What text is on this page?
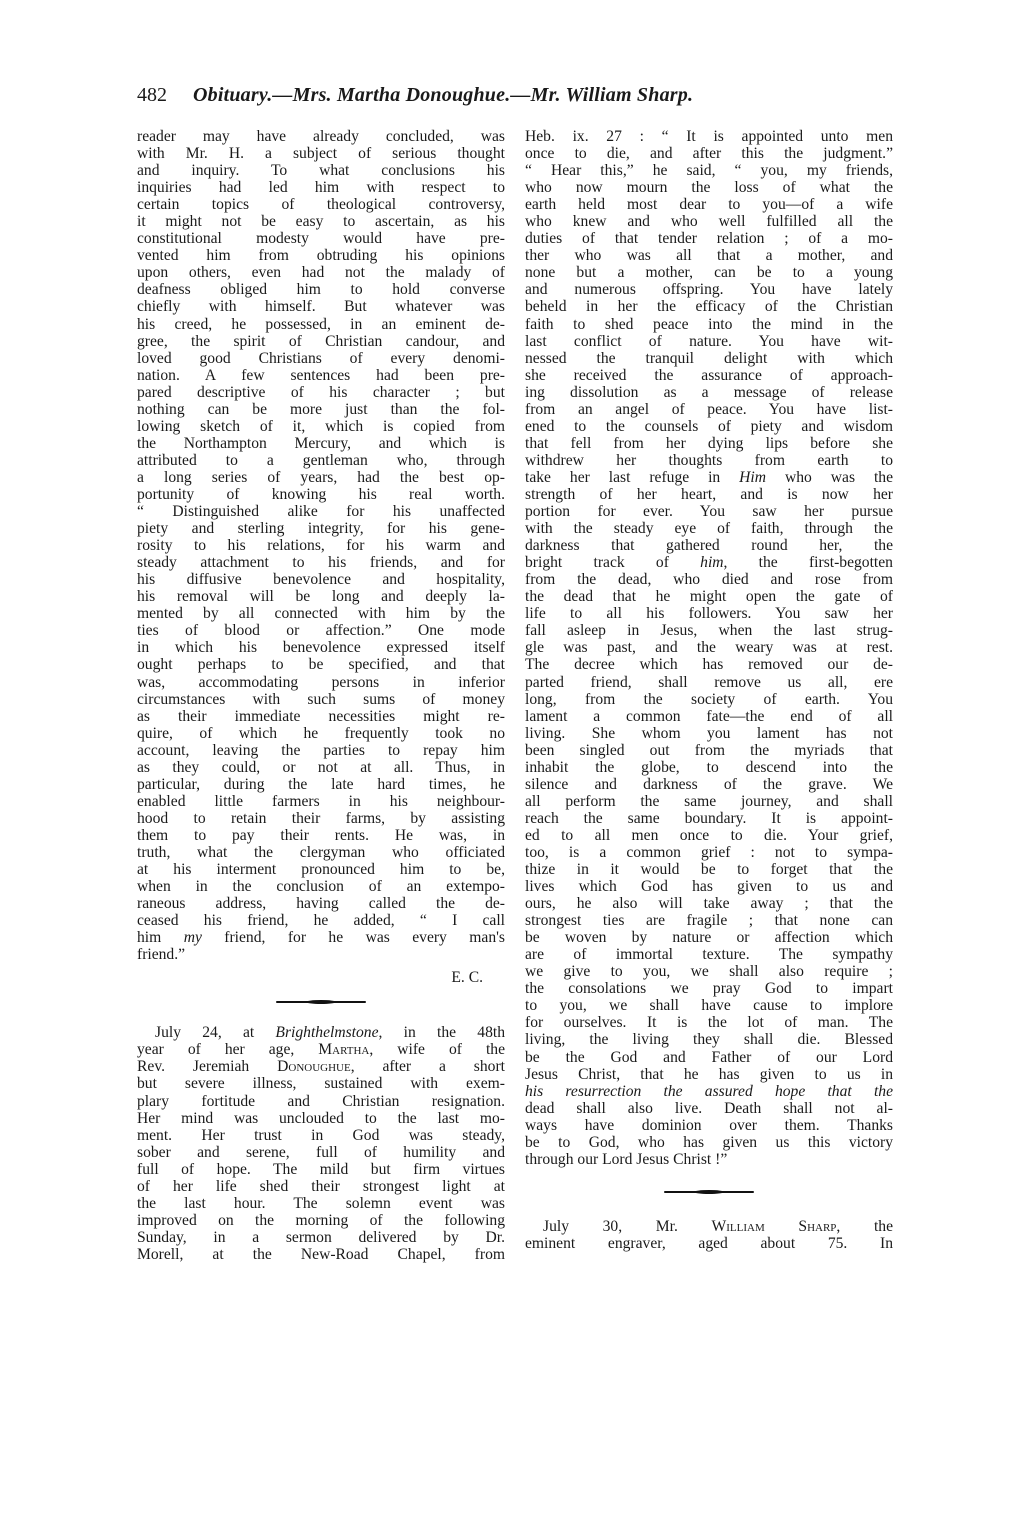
482 Obituary.—Mrs. Martha Donoughue.—Mr. William Sharp.
reader may have already concluded, was
with Mr. H. a subject of serious thought
and inquiry. To what conclusions his
inquiries had led him with respect to
certain topics of theological controversy,
it might not be easy to ascertain, as his
constitutional modesty would have pre-
vented him from obtruding his opinions
upon others, even had not the malady of
deafness obliged him to hold converse
chiefly with himself. But whatever was
his creed, he possessed, in an eminent de-
gree, the spirit of Christian candour, and
loved good Christians of every denomi-
nation. A few sentences had been pre-
pared descriptive of his character ; but
nothing can be more just than the fol-
lowing sketch of it, which is copied from
the Northampton Mercury, and which is
attributed to a gentleman who, through
a long series of years, had the best op-
portunity of knowing his real worth.
“ Distinguished alike for his unaffected
piety and sterling integrity, for his gene-
rosity to his relations, for his warm and
steady attachment to his friends, and for
his diffusive benevolence and hospitality,
his removal will be long and deeply la-
mented by all connected with him by the
ties of blood or affection.” One mode
in which his benevolence expressed itself
ought perhaps to be specified, and that
was, accommodating persons in inferior
circumstances with such sums of money
as their immediate necessities might re-
quire, of which he frequently took no
account, leaving the parties to repay him
as they could, or not at all. Thus, in
particular, during the late hard times, he
enabled little farmers in his neighbour-
hood to retain their farms, by assisting
them to pay their rents. He was, in
truth, what the clergyman who officiated
at his interment pronounced him to be,
when in the conclusion of an extempo-
raneous address, having called the de-
ceased his friend, he added, “ I call
him my friend, for he was every man's
friend.”
E. C.
July 24, at Brighthelmstone, in the 48th
year of her age, Martha, wife of the
Rev. Jeremiah Donoughue, after a short
but severe illness, sustained with exem-
plary fortitude and Christian resignation.
Her mind was unclouded to the last mo-
ment. Her trust in God was steady,
sober and serene, full of humility and
full of hope. The mild but firm virtues
of her life shed their strongest light at
the last hour. The solemn event was
improved on the morning of the following
Sunday, in a sermon delivered by Dr.
Morell, at the New-Road Chapel, from
Heb. ix. 27 : “ It is appointed unto men
once to die, and after this the judgment.”
“ Hear this,” he said, “ you, my friends,
who now mourn the loss of what the
earth held most dear to you—of a wife
who knew and who well fulfilled all the
duties of that tender relation ; of a mo-
ther who was all that a mother, and
none but a mother, can be to a young
and numerous offspring. You have lately
beheld in her the efficacy of the Christian
faith to shed peace into the mind in the
last conflict of nature. You have wit-
nessed the tranquil delight with which
she received the assurance of approach-
ing dissolution as a message of release
from an angel of peace. You have list-
ened to the counsels of piety and wisdom
that fell from her dying lips before she
withdrew her thoughts from earth to
take her last refuge in Him who was the
strength of her heart, and is now her
portion for ever. You saw her pursue
with the steady eye of faith, through the
darkness that gathered round her, the
bright track of him, the first-begotten
from the dead, who died and rose from
the dead that he might open the gate of
life to all his followers. You saw her
fall asleep in Jesus, when the last strug-
gle was past, and the weary was at rest.
The decree which has removed our de-
parted friend, shall remove us all, ere
long, from the society of earth. You
lament a common fate—the end of all
living. She whom you lament has not
been singled out from the myriads that
inhabit the globe, to descend into the
silence and darkness of the grave. We
all perform the same journey, and shall
reach the same boundary. It is appoint-
ed to all men once to die. Your grief,
too, is a common grief : not to sympa-
thize in it would be to forget that the
lives which God has given to us and
ours, he also will take away ; that the
strongest ties are fragile ; that none can
be woven by nature or affection which
are of immortal texture. The sympathy
we give to you, we shall also require ;
the consolations we pray God to impart
to you, we shall have cause to implore
for ourselves. It is the lot of man. The
living, the living they shall die. Blessed
be the God and Father of our Lord
Jesus Christ, that he has given to us in
his resurrection the assured hope that the
dead shall also live. Death shall not al-
ways have dominion over them. Thanks
be to God, who has given us this victory
through our Lord Jesus Christ !”
July 30, Mr. William Sharp, the
eminent engraver, aged about 75. In
